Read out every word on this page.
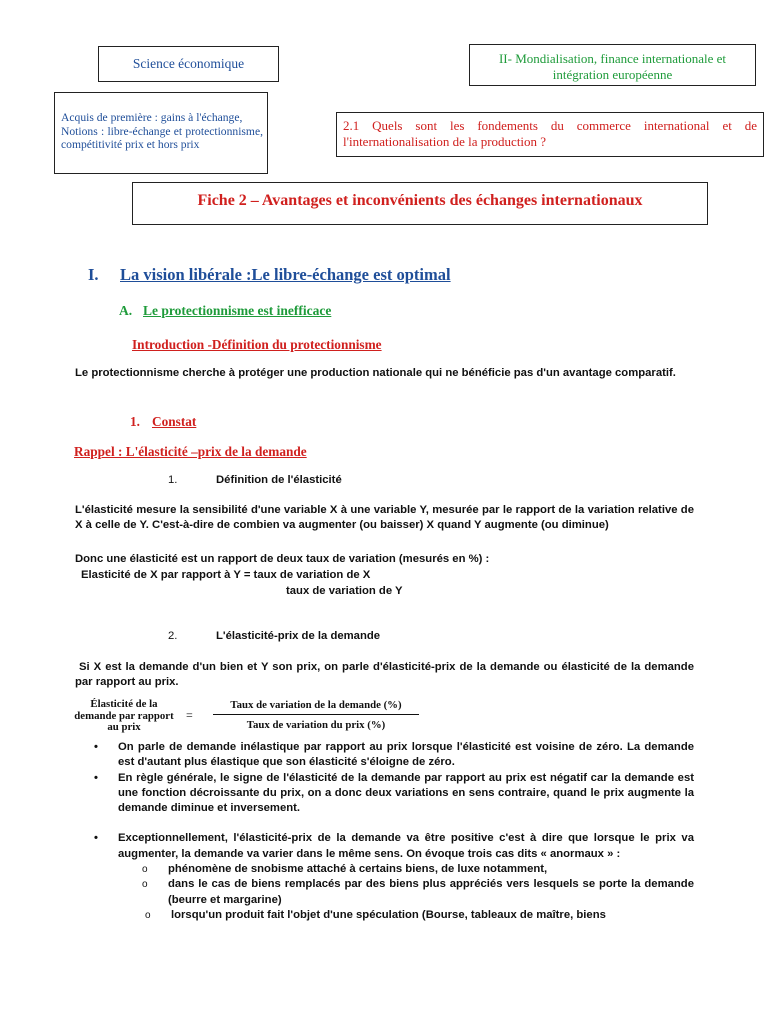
Science économique	II- Mondialisation, finance internationale et intégration européenne

Acquis de première : gains à l'échange,
Notions : libre-échange et protectionnisme, compétitivité prix et hors prix

2.1 Quels sont les fondements du commerce international et de l'internationalisation de la production ?
Fiche 2 – Avantages et inconvénients des échanges internationaux
I. La vision libérale :Le libre-échange est optimal
A. Le protectionnisme est inefficace
Introduction -Définition du protectionnisme
Le protectionnisme cherche à protéger une production nationale qui ne bénéficie pas d'un avantage comparatif.
1. Constat
Rappel : L'élasticité –prix de la demande
1.	Définition de l'élasticité
L'élasticité mesure la sensibilité d'une variable X à une variable Y, mesurée par le rapport de la variation relative de X à celle de Y. C'est-à-dire de combien va augmenter (ou baisser) X quand Y augmente (ou diminue)
Donc une élasticité est un rapport de deux taux de variation (mesurés en %) :
Elasticité de X par rapport à Y = taux de variation de X
taux de variation de Y
2.	L'élasticité-prix de la demande
Si X est la demande d'un bien et Y son prix, on parle d'élasticité-prix de la demande ou élasticité de la demande par rapport au prix.
Élasticité de la demande par rapport au prix
=
Taux de variation de la demande (%)
Taux de variation du prix (%)
• On parle de demande inélastique par rapport au prix lorsque l'élasticité est voisine de zéro. La demande est d'autant plus élastique que son élasticité s'éloigne de zéro.
• En règle générale, le signe de l'élasticité de la demande par rapport au prix est négatif car la demande est une fonction décroissante du prix, on a donc deux variations en sens contraire, quand le prix augmente la demande diminue et inversement.
• Exceptionnellement, l'élasticité-prix de la demande va être positive c'est à dire que lorsque le prix va augmenter, la demande va varier dans le même sens. On évoque trois cas dits « anormaux » :
o phénomène de snobisme attaché à certains biens, de luxe notamment,
o dans le cas de biens remplacés par des biens plus appréciés vers lesquels se porte la demande (beurre et margarine)
o lorsqu'un produit fait l'objet d'une spéculation (Bourse, tableaux de maître, biens
